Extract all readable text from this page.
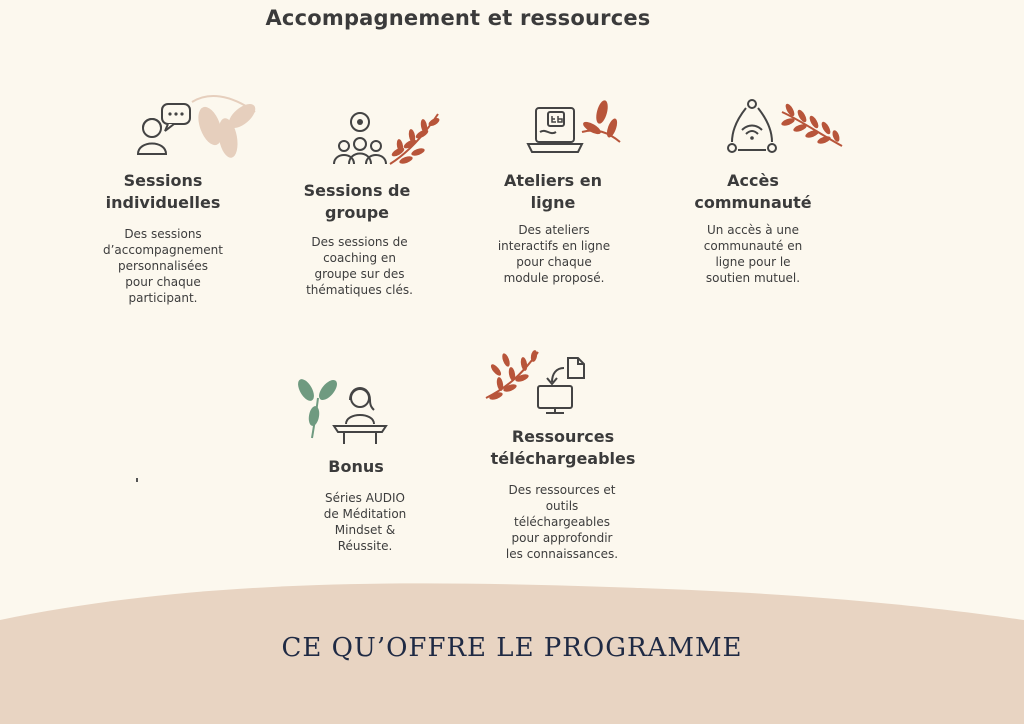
Accompagnement et ressources
Sessions
individuelles
Des sessions
d’accompagnement
personnalisées
pour chaque
participant.
Sessions de
groupe
Des sessions de
coaching en
groupe sur des
thématiques clés.
Ateliers en
ligne
Des ateliers
interactifs en ligne
pour chaque
module proposé.
Accès
communauté
Un accès à une
communauté en
ligne pour le
soutien mutuel.
Bonus
Séries AUDIO
de Méditation
Mindset &
Réussite.
Ressources
téléchargeables
Des ressources et
outils
téléchargeables
pour approfondir
les connaissances.
CE QU’OFFRE LE PROGRAMME
